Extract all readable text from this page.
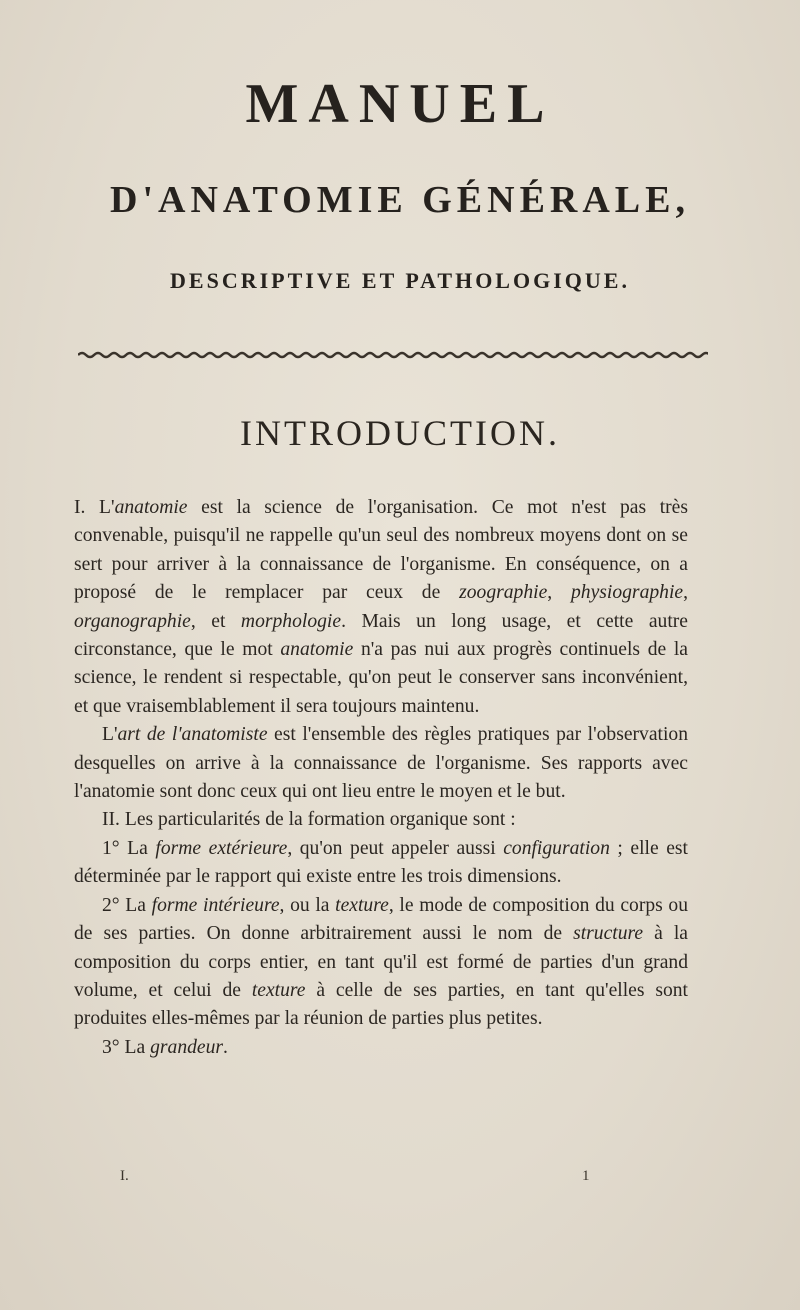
MANUEL
D'ANATOMIE GÉNÉRALE,
DESCRIPTIVE ET PATHOLOGIQUE.
INTRODUCTION.

I. L'anatomie est la science de l'organisation. Ce mot n'est pas très convenable, puisqu'il ne rappelle qu'un seul des nombreux moyens dont on se sert pour arriver à la connaissance de l'organisme. En conséquence, on a proposé de le remplacer par ceux de zoographie, physiographie, organographie, et morphologie. Mais un long usage, et cette autre circonstance, que le mot anatomie n'a pas nui aux progrès continuels de la science, le rendent si respectable, qu'on peut le conserver sans inconvénient, et que vraisemblablement il sera toujours maintenu.

L'art de l'anatomiste est l'ensemble des règles pratiques par l'observation desquelles on arrive à la connaissance de l'organisme. Ses rapports avec l'anatomie sont donc ceux qui ont lieu entre le moyen et le but.

II. Les particularités de la formation organique sont :

1° La forme extérieure, qu'on peut appeler aussi configuration ; elle est déterminée par le rapport qui existe entre les trois dimensions.

2° La forme intérieure, ou la texture, le mode de composition du corps ou de ses parties. On donne arbitrairement aussi le nom de structure à la composition du corps entier, en tant qu'il est formé de parties d'un grand volume, et celui de texture à celle de ses parties, en tant qu'elles sont produites elles-mêmes par la réunion de parties plus petites.

3° La grandeur.

I.	1
